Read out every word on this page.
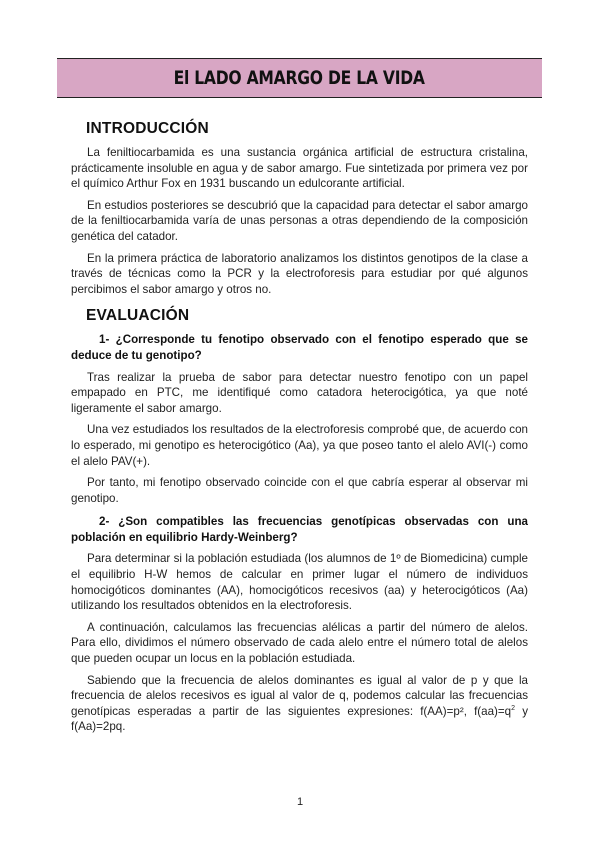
El LADO AMARGO DE LA VIDA
INTRODUCCIÓN

La feniltiocarbamida es una sustancia orgánica artificial de estructura cristalina, prácticamente insoluble en agua y de sabor amargo. Fue sintetizada por primera vez por el químico Arthur Fox en 1931 buscando un edulcorante artificial.

En estudios posteriores se descubrió que la capacidad para detectar el sabor amargo de la feniltiocarbamida varía de unas personas a otras dependiendo de la composición genética del catador.

En la primera práctica de laboratorio analizamos los distintos genotipos de la clase a través de técnicas como la PCR y la electroforesis para estudiar por qué algunos percibimos el sabor amargo y otros no.

EVALUACIÓN

1- ¿Corresponde tu fenotipo observado con el fenotipo esperado que se deduce de tu genotipo?

Tras realizar la prueba de sabor para detectar nuestro fenotipo con un papel empapado en PTC, me identifiqué como catadora heterocigótica, ya que noté ligeramente el sabor amargo.

Una vez estudiados los resultados de la electroforesis comprobé que, de acuerdo con lo esperado, mi genotipo es heterocigótico (Aa), ya que poseo tanto el alelo AVI(-) como el alelo PAV(+).

Por tanto, mi fenotipo observado coincide con el que cabría esperar al observar mi genotipo.

2- ¿Son compatibles las frecuencias genotípicas observadas con una población en equilibrio Hardy-Weinberg?

Para determinar si la población estudiada (los alumnos de 1º de Biomedicina) cumple el equilibrio H-W hemos de calcular en primer lugar el número de individuos homocigóticos dominantes (AA), homocigóticos recesivos (aa) y heterocigóticos (Aa) utilizando los resultados obtenidos en la electroforesis.

A continuación, calculamos las frecuencias alélicas a partir del número de alelos. Para ello, dividimos el número observado de cada alelo entre el número total de alelos que pueden ocupar un locus en la población estudiada.

Sabiendo que la frecuencia de alelos dominantes es igual al valor de p y que la frecuencia de alelos recesivos es igual al valor de q, podemos calcular las frecuencias genotípicas esperadas a partir de las siguientes expresiones: f(AA)=p², $f(aa)=q^2$ y f(Aa)=2pq.

1
